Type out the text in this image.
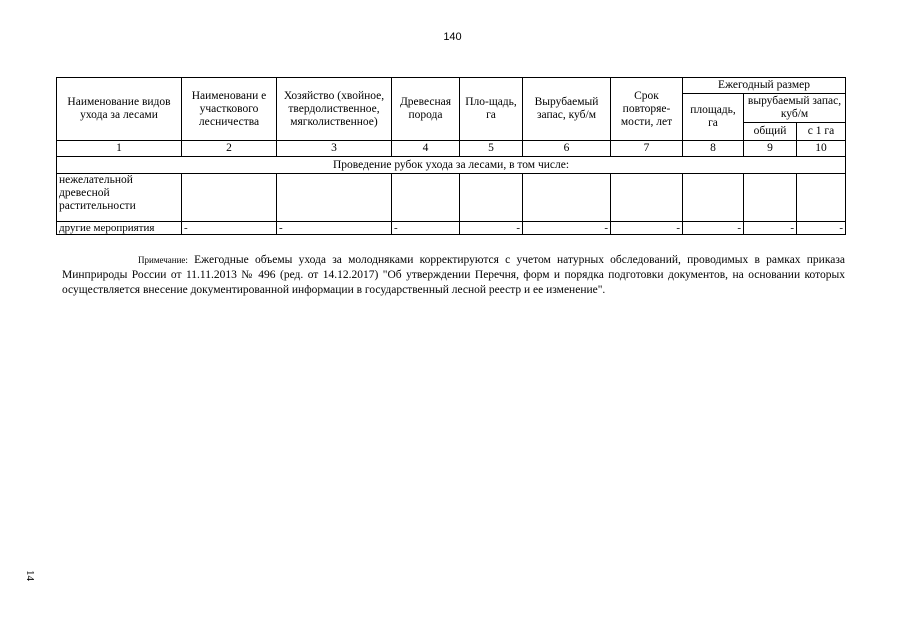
140
Наименование видов ухода за лесами	Наименовани е участкового лесничества	Хозяйство (хвойное, твердолиственное, мягколиственное)	Древесная порода	Пло-щадь, га	Вырубаемый запас, куб/м	Срок повторяе-мости, лет	Ежегодный размер		
							площадь, га	вырубаемый запас, куб/м	
								общий	с 1 га
1	2	3	4	5	6	7	8	9	10
Проведение рубок ухода за лесами, в том числе:									
нежелательной древесной растительности									
другие мероприятия	-	-	-	-	-	-	-	-	-
Примечание: Ежегодные объемы ухода за молодняками корректируются с учетом натурных обследований, проводимых в рамках приказа Минприроды России от 11.11.2013 № 496 (ред. от 14.12.2017) "Об утверждении Перечня, форм и порядка подготовки документов, на основании которых осуществляется внесение документированной информации в государственный лесной реестр и ее изменение".
14
